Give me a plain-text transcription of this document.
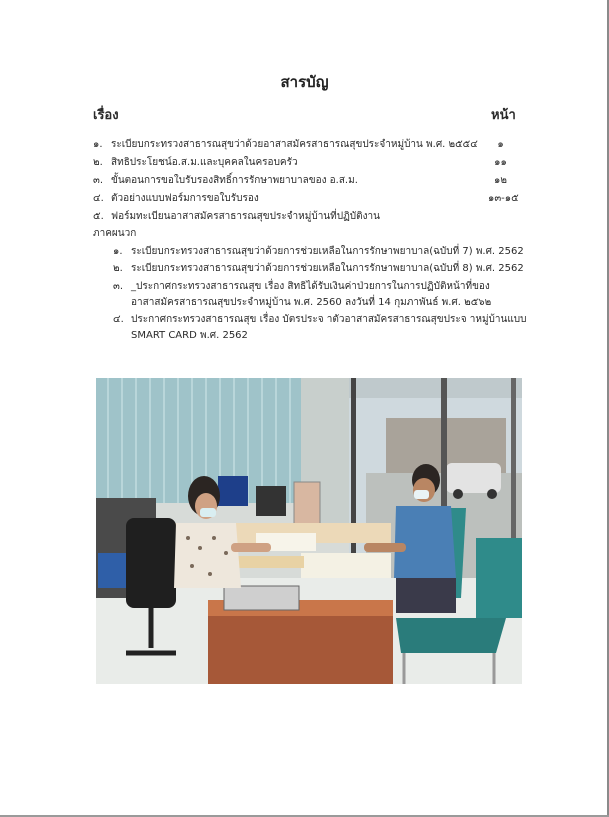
สารบัญ
เรื่อง	หน้า
๑. ระเบียบกระทรวงสาธารณสุขว่าด้วยอาสาสมัครสาธารณสุขประจำหมู่บ้าน พ.ศ. ๒๕๕๔	๑
๒. สิทธิประโยชน์อ.ส.ม.และบุคคลในครอบครัว	๑๑
๓. ขั้นตอนการขอใบรับรองสิทธิ์การรักษาพยาบาลของ อ.ส.ม.	๑๒
๔. ตัวอย่างแบบฟอร์มการขอใบรับรอง	๑๓-๑๕
๕. ฟอร์มทะเบียนอาสาสมัครสาธารณสุขประจำหมู่บ้านที่ปฏิบัติงาน
ภาคผนวก
๑. ระเบียบกระทรวงสาธารณสุขว่าด้วยการช่วยเหลือในการรักษาพยาบาล(ฉบับที่ 7) พ.ศ. 2562
๒. ระเบียบกระทรวงสาธารณสุขว่าด้วยการช่วยเหลือในการรักษาพยาบาล(ฉบับที่ 8) พ.ศ. 2562
๓. _ประกาศกระทรวงสาธารณสุข เรื่อง สิทธิได้รับเงินค่าป่วยการในการปฏิบัติหน้าที่ของ
อาสาสมัครสาธารณสุขประจำหมู่บ้าน พ.ศ. 2560 ลงวันที่ 14 กุมภาพันธ์ พ.ศ. ๒๕๖๒
๔. ประกาศกระทรวงสาธารณสุข เรื่อง บัตรประจ าตัวอาสาสมัครสาธารณสุขประจ าหมู่บ้านแบบ
SMART CARD พ.ศ. 2562
